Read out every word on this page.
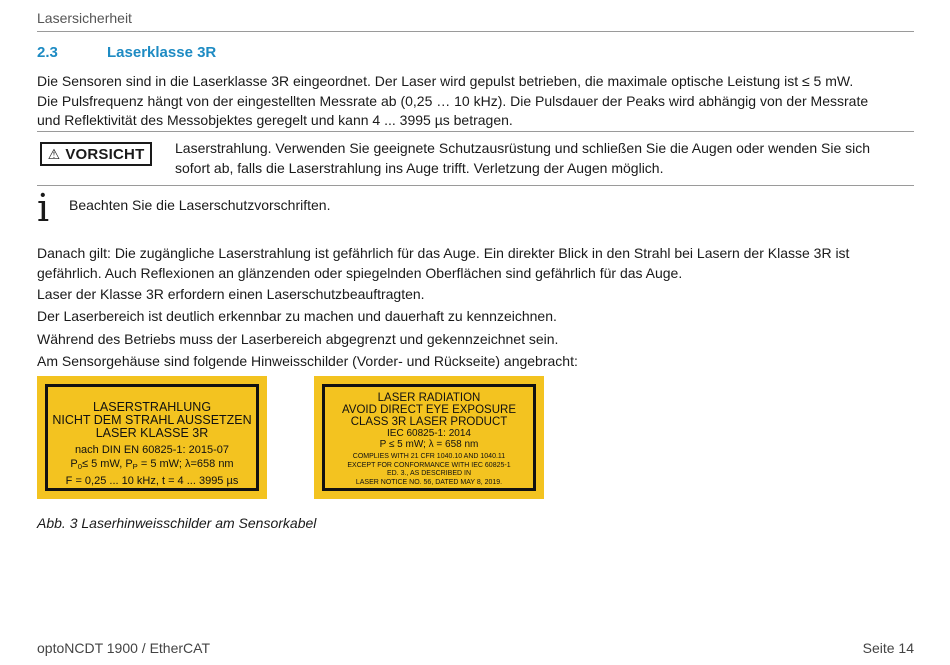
Lasersicherheit
2.3	Laserklasse 3R

Die Sensoren sind in die Laserklasse 3R eingeordnet. Der Laser wird gepulst betrieben, die maximale optische Leistung ist ≤ 5 mW.

Die Pulsfrequenz hängt von der eingestellten Messrate ab (0,25 … 10 kHz). Die Pulsdauer der Peaks wird abhängig von der Messrate

und Reflektivität des Messobjektes geregelt und kann 4 ... 3995 µs betragen.

⚠ VORSICHT Laserstrahlung. Verwenden Sie geeignete Schutzausrüstung und schließen Sie die Augen oder wenden Sie sich
sofort ab, falls die Laserstrahlung ins Auge trifft. Verletzung der Augen möglich.
i Beachten Sie die Laserschutzvorschriften.

Danach gilt: Die zugängliche Laserstrahlung ist gefährlich für das Auge. Ein direkter Blick in den Strahl bei Lasern der Klasse 3R ist

gefährlich. Auch Reflexionen an glänzenden oder spiegelnden Oberflächen sind gefährlich für das Auge.

Laser der Klasse 3R erfordern einen Laserschutzbeauftragten.
Der Laserbereich ist deutlich erkennbar zu machen und dauerhaft zu kennzeichnen.
Während des Betriebs muss der Laserbereich abgegrenzt und gekennzeichnet sein.
Am Sensorgehäuse sind folgende Hinweisschilder (Vorder- und Rückseite) angebracht:
LASERSTRAHLUNG
NICHT DEM STRAHL AUSSETZEN
LASER KLASSE 3R
nach DIN EN 60825-1: 2015-07
$P_0\le 5$ mW, $P_P = 5$ mW; λ=658 nm
F = 0,25 ... 10 kHz, t = 4 ... 3995 µs
LASER RADIATION
AVOID DIRECT EYE EXPOSURE
CLASS 3R LASER PRODUCT
IEC 60825-1: 2014
P ≤ 5 mW; λ = 658 nm
COMPLIES WITH 21 CFR 1040.10 AND 1040.11
EXCEPT FOR CONFORMANCE WITH IEC 60825-1
ED. 3., AS DESCRIBED IN
LASER NOTICE NO. 56, DATED MAY 8, 2019.
Abb. 3 Laserhinweisschilder am Sensorkabel
optoNCDT 1900 / EtherCAT	Seite 14
